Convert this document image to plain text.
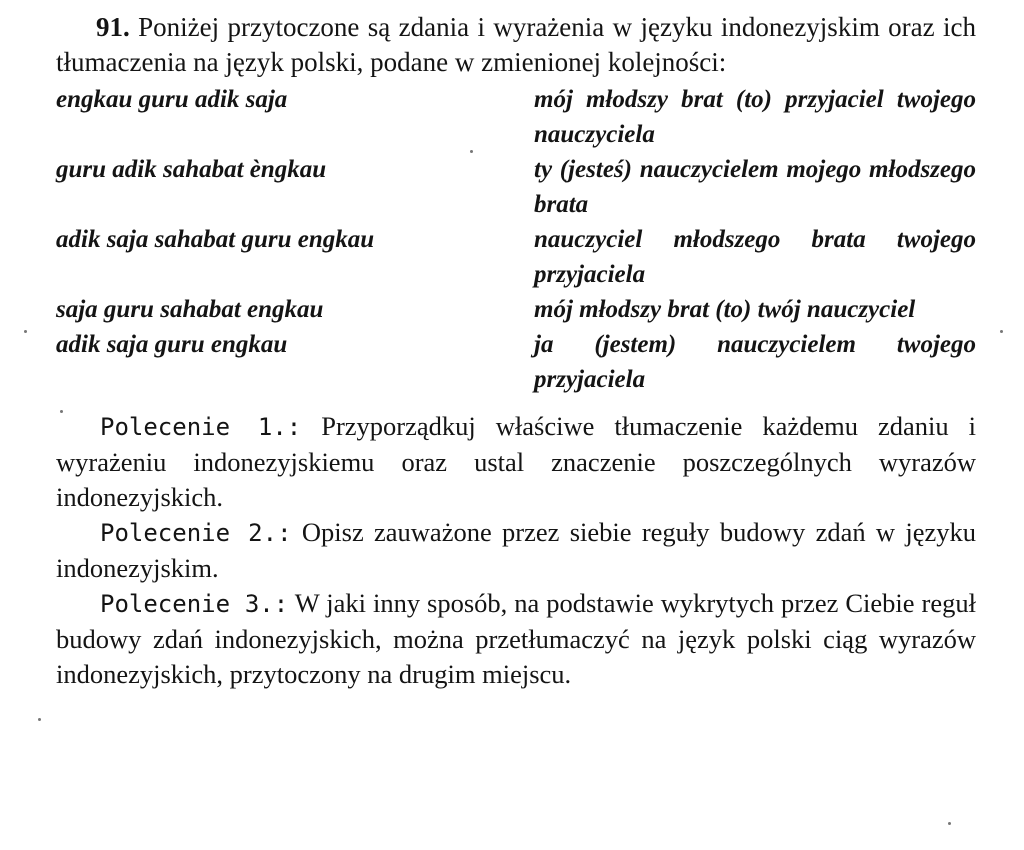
91. Poniżej przytoczone są zdania i wyrażenia w języku indonezyjskim oraz ich tłumaczenia na język polski, podane w zmienionej kolejności:

engkau guru adik saja	mój młodszy brat (to) przyjaciel twojego nauczyciela
guru adik sahabat èngkau	ty (jesteś) nauczycielem mojego młodszego brata
adik saja sahabat guru engkau	nauczyciel młodszego brata twojego przyjaciela
saja guru sahabat engkau	mój młodszy brat (to) twój nauczyciel
adik saja guru engkau	ja (jestem) nauczycielem twojego przyjaciela

Polecenie 1.: Przyporządkuj właściwe tłumaczenie każdemu zdaniu i wyrażeniu indonezyjskiemu oraz ustal znaczenie poszczególnych wyrazów indonezyjskich.

Polecenie 2.: Opisz zauważone przez siebie reguły budowy zdań w języku indonezyjskim.

Polecenie 3.: W jaki inny sposób, na podstawie wykrytych przez Ciebie reguł budowy zdań indonezyjskich, można przetłumaczyć na język polski ciąg wyrazów indonezyjskich, przytoczony na drugim miejscu.
